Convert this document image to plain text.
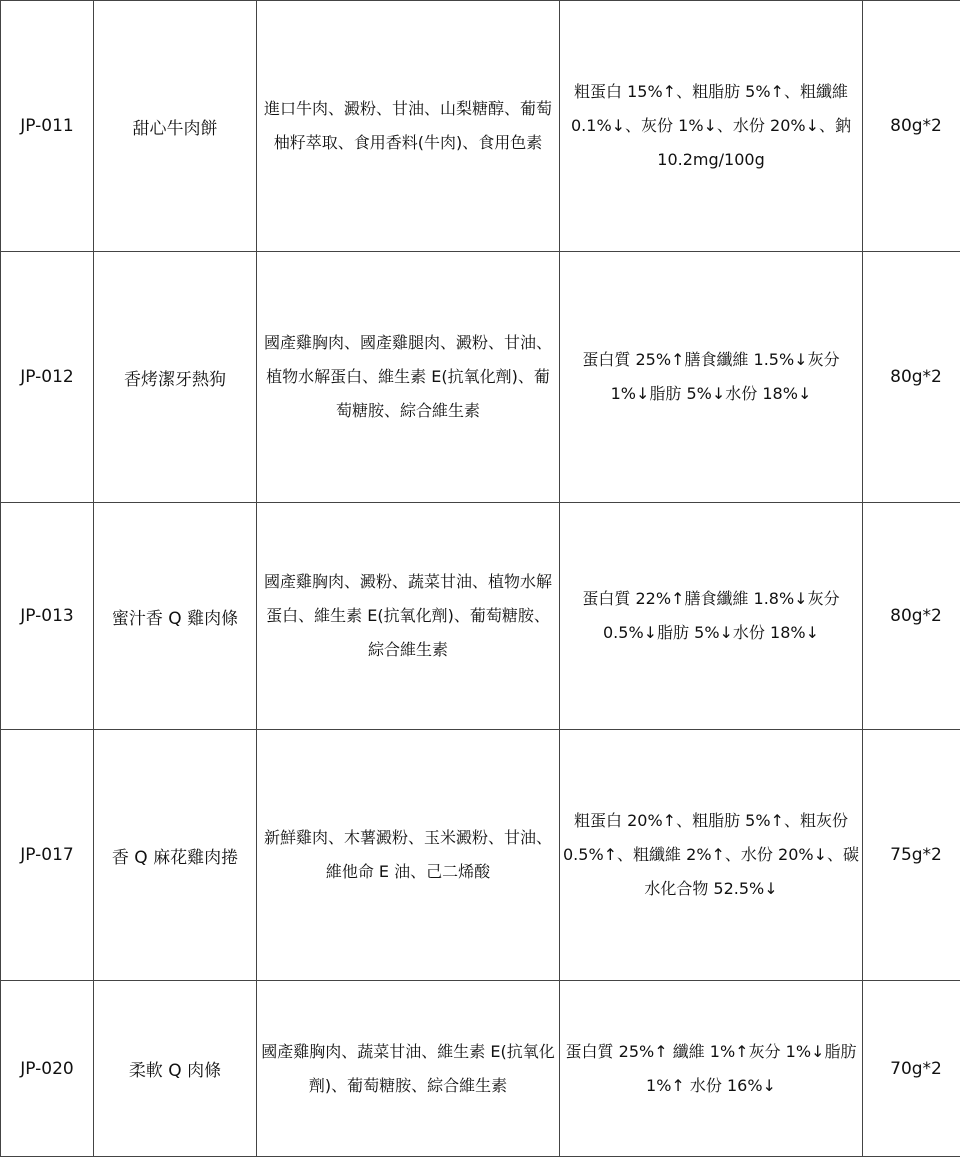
JP-011	甜心牛肉餅	進口牛肉、澱粉、甘油、山梨糖醇、葡萄柚籽萃取、食用香料(牛肉)、食用色素	粗蛋白 15%↑、粗脂肪 5%↑、粗纖維 0.1%↓、灰份 1%↓、水份 20%↓、鈉 10.2mg/100g	80g*2

JP-012	香烤潔牙熱狗	國產雞胸肉、國產雞腿肉、澱粉、甘油、植物水解蛋白、維生素 E(抗氧化劑)、葡萄糖胺、綜合維生素	蛋白質 25%↑膳食纖維 1.5%↓灰分 1%↓脂肪 5%↓水份 18%↓	80g*2

JP-013	蜜汁香 Q 雞肉條	國產雞胸肉、澱粉、蔬菜甘油、植物水解蛋白、維生素 E(抗氧化劑)、葡萄糖胺、綜合維生素	蛋白質 22%↑膳食纖維 1.8%↓灰分 0.5%↓脂肪 5%↓水份 18%↓	80g*2

JP-017	香 Q 麻花雞肉捲	新鮮雞肉、木薯澱粉、玉米澱粉、甘油、維他命 E 油、己二烯酸	粗蛋白 20%↑、粗脂肪 5%↑、粗灰份 0.5%↑、粗纖維 2%↑、水份 20%↓、碳水化合物 52.5%↓	75g*2

JP-020	柔軟 Q 肉條	國產雞胸肉、蔬菜甘油、維生素 E(抗氧化劑)、葡萄糖胺、綜合維生素	蛋白質 25%↑ 纖維 1%↑灰分 1%↓脂肪 1%↑ 水份 16%↓	70g*2
